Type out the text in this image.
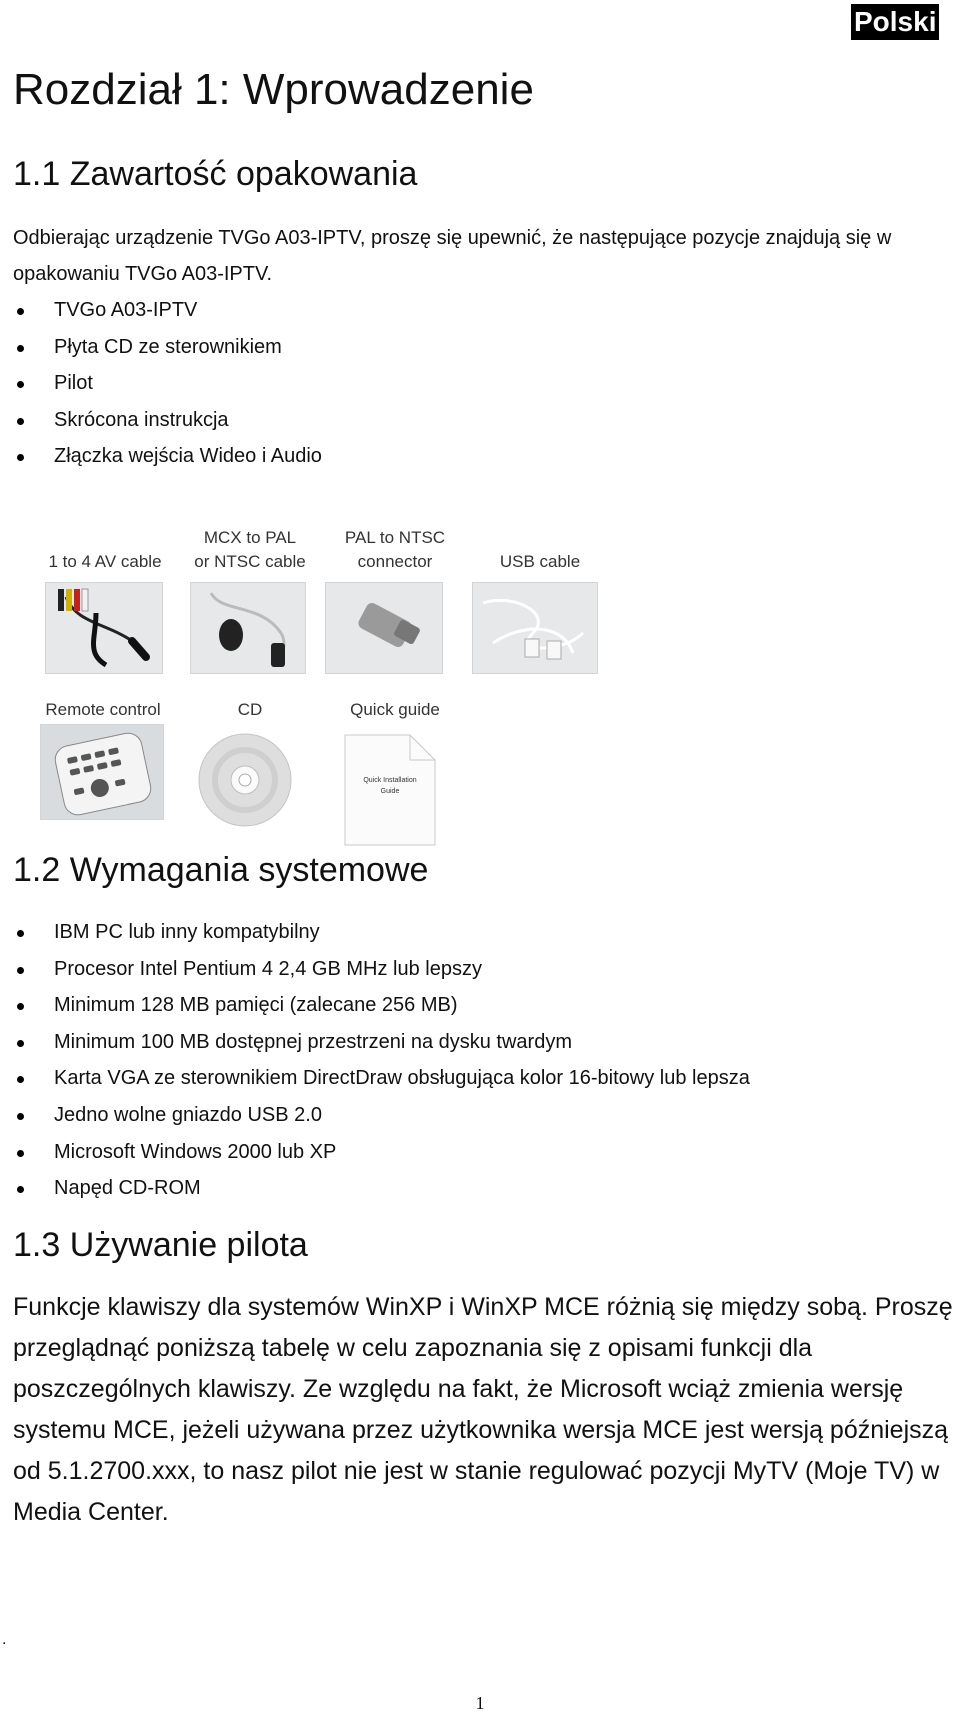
Polski
Rozdział 1: Wprowadzenie
1.1 Zawartość opakowania
Odbierając urządzenie TVGo A03-IPTV, proszę się upewnić, że następujące pozycje znajdują się w opakowaniu TVGo A03-IPTV.
TVGo A03-IPTV
Płyta CD ze sterownikiem
Pilot
Skrócona instrukcja
Złączka wejścia Wideo i Audio
1 to 4 AV cable
MCX to PAL
or NTSC cable
PAL to NTSC
connector	USB cable
Remote control	CD	Quick guide
Quick Installation
Guide
1.2 Wymagania systemowe
IBM PC lub inny kompatybilny
Procesor Intel Pentium 4 2,4 GB MHz lub lepszy
Minimum 128 MB pamięci (zalecane 256 MB)
Minimum 100 MB dostępnej przestrzeni na dysku twardym
Karta VGA ze sterownikiem DirectDraw obsługująca kolor 16-bitowy lub lepsza
Jedno wolne gniazdo USB 2.0
Microsoft Windows 2000 lub XP
Napęd CD-ROM
1.3 Używanie pilota
Funkcje klawiszy dla systemów WinXP i WinXP MCE różnią się między sobą. Proszę przeglądnąć poniższą tabelę w celu zapoznania się z opisami funkcji dla poszczególnych klawiszy. Ze względu na fakt, że Microsoft wciąż zmienia wersję systemu MCE, jeżeli używana przez użytkownika wersja MCE jest wersją późniejszą od 5.1.2700.xxx, to nasz pilot nie jest w stanie regulować pozycji MyTV (Moje TV) w Media Center.
.
1
